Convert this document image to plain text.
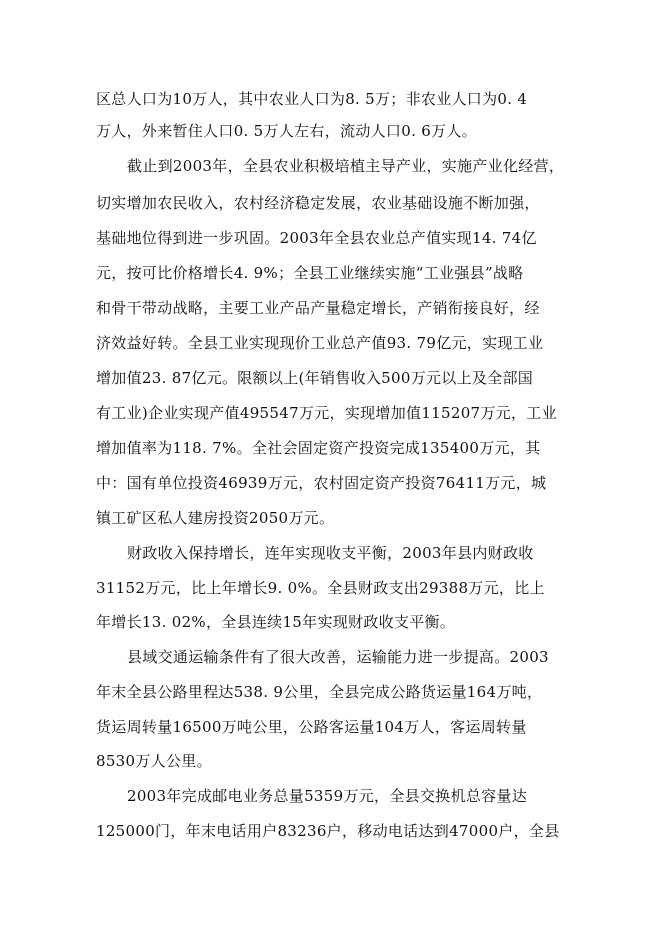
区总人口为10万人，其中农业人口为8. 5万；非农业人口为0. 4
万人，外来暂住人口0. 5万人左右，流动人口0. 6万人。
截止到2003年，全县农业积极培植主导产业，实施产业化经营，
切实增加农民收入，农村经济稳定发展，农业基础设施不断加强，
基础地位得到进一步巩固。2003年全县农业总产值实现14. 74亿
元，按可比价格增长4. 9%；全县工业继续实施“工业强县”战略
和骨干带动战略，主要工业产品产量稳定增长，产销衔接良好，经
济效益好转。全县工业实现现价工业总产值93. 79亿元，实现工业
增加值23. 87亿元。限额以上(年销售收入500万元以上及全部国
有工业)企业实现产值495547万元，实现增加值115207万元，工业
增加值率为118. 7%。全社会固定资产投资完成135400万元，其
中：国有单位投资46939万元，农村固定资产投资76411万元，城
镇工矿区私人建房投资2050万元。
财政收入保持增长，连年实现收支平衡，2003年县内财政收
31152万元，比上年增长9. 0%。全县财政支出29388万元，比上
年增长13. 02%，全县连续15年实现财政收支平衡。
县域交通运输条件有了很大改善，运输能力进一步提高。2003
年末全县公路里程达538. 9公里，全县完成公路货运量164万吨，
货运周转量16500万吨公里，公路客运量104万人，客运周转量
8530万人公里。
2003年完成邮电业务总量5359万元，全县交换机总容量达
125000门，年末电话用户83236户，移动电话达到47000户，全县
